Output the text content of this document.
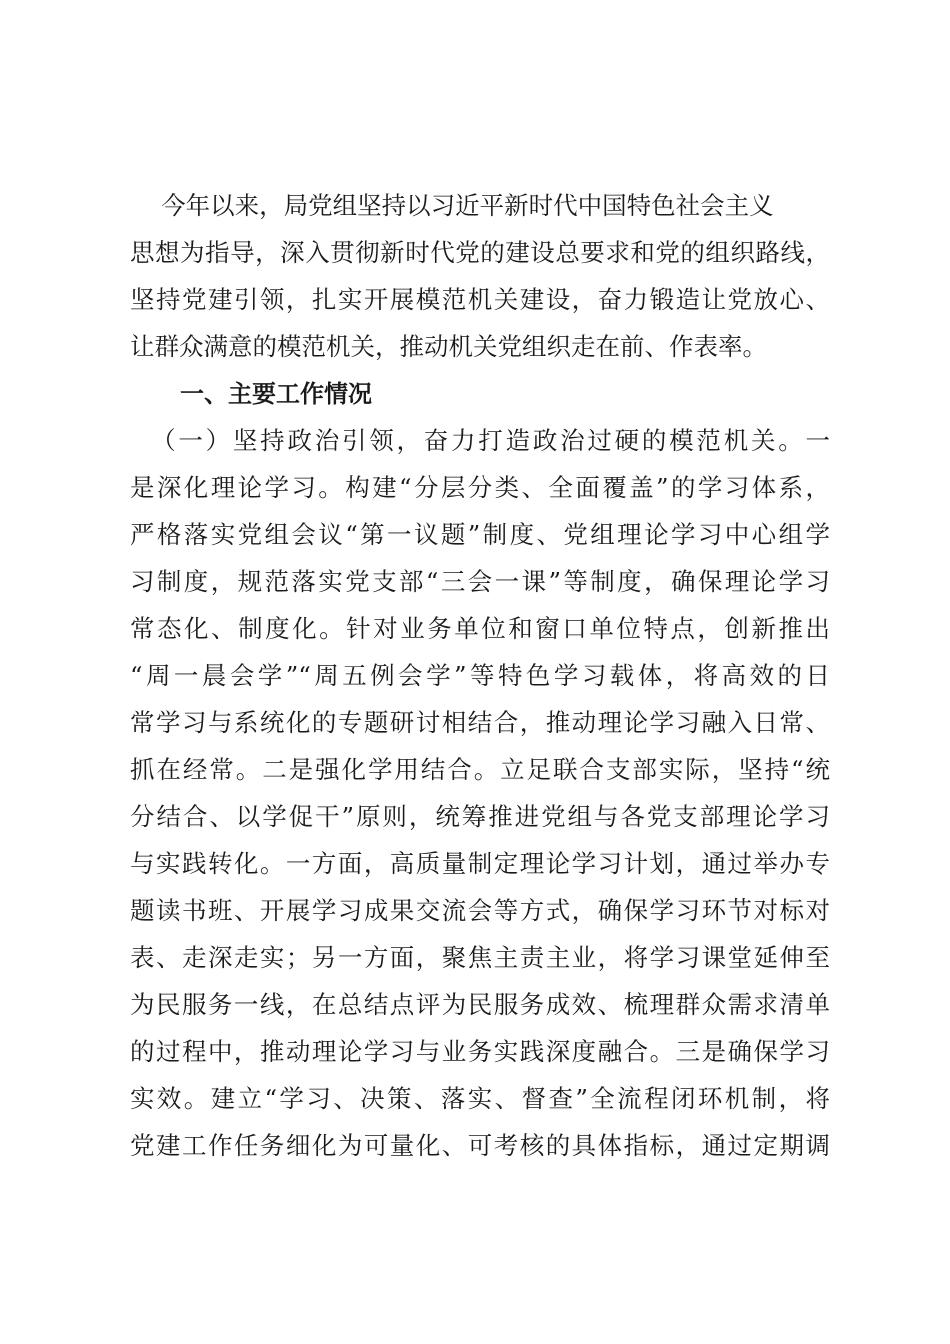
今年以来，局党组坚持以习近平新时代中国特色社会主义
思想为指导，深入贯彻新时代党的建设总要求和党的组织路线，
坚持党建引领，扎实开展模范机关建设，奋力锻造让党放心、
让群众满意的模范机关，推动机关党组织走在前、作表率。
一、主要工作情况
（一）坚持政治引领，奋力打造政治过硬的模范机关。一
是深化理论学习。构建“分层分类、全面覆盖”的学习体系，
严格落实党组会议“第一议题”制度、党组理论学习中心组学
习制度，规范落实党支部“三会一课”等制度，确保理论学习
常态化、制度化。针对业务单位和窗口单位特点，创新推出
“周一晨会学”“周五例会学”等特色学习载体，将高效的日
常学习与系统化的专题研讨相结合，推动理论学习融入日常、
抓在经常。二是强化学用结合。立足联合支部实际，坚持“统
分结合、以学促干”原则，统筹推进党组与各党支部理论学习
与实践转化。一方面，高质量制定理论学习计划，通过举办专
题读书班、开展学习成果交流会等方式，确保学习环节对标对
表、走深走实；另一方面，聚焦主责主业，将学习课堂延伸至
为民服务一线，在总结点评为民服务成效、梳理群众需求清单
的过程中，推动理论学习与业务实践深度融合。三是确保学习
实效。建立“学习、决策、落实、督查”全流程闭环机制，将
党建工作任务细化为可量化、可考核的具体指标，通过定期调
